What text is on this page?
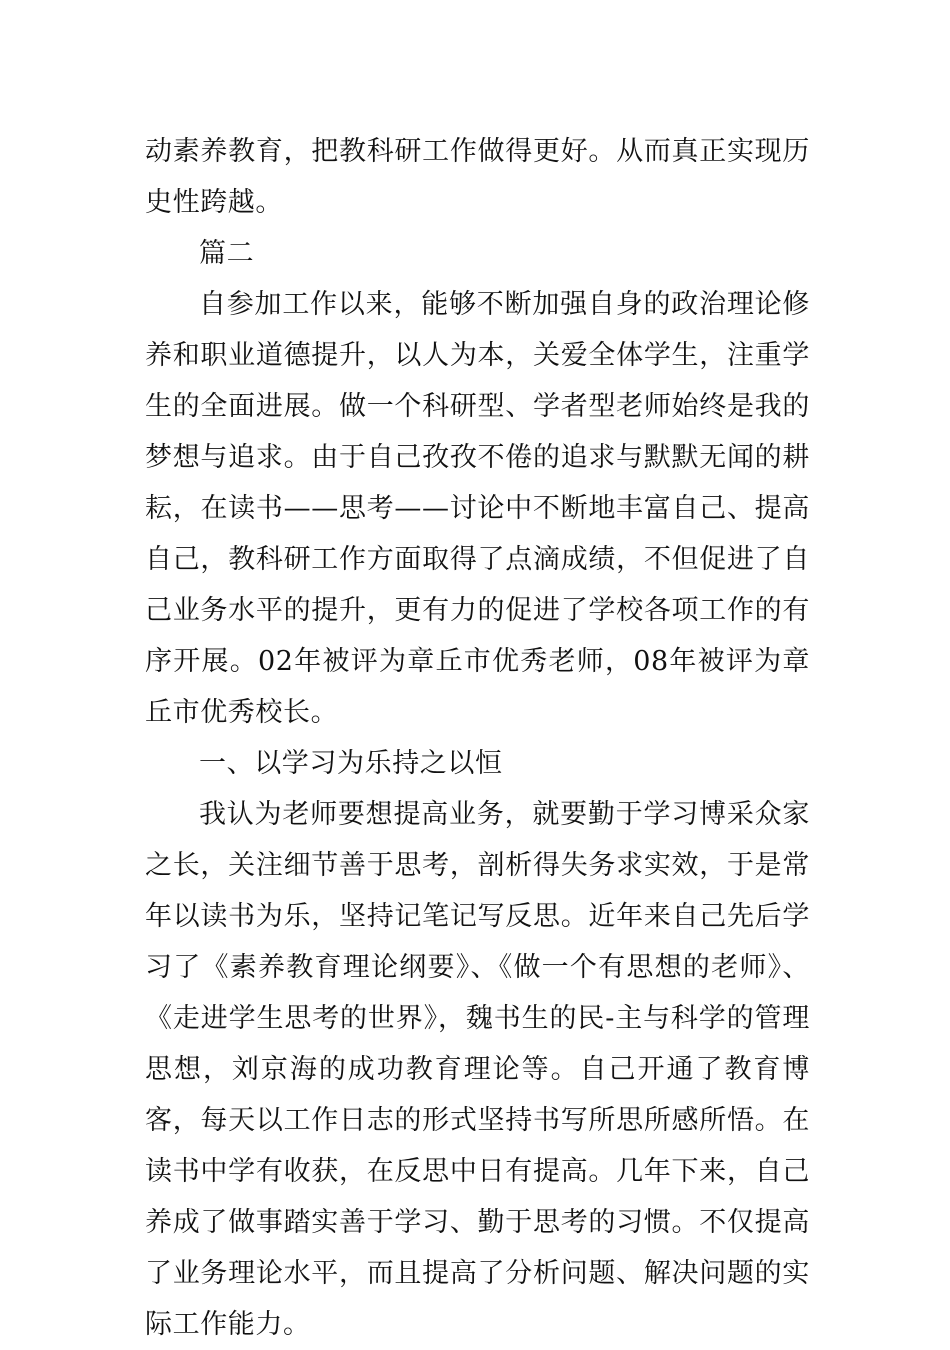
动素养教育，把教科研工作做得更好。从而真正实现历史性跨越。

篇二

自参加工作以来，能够不断加强自身的政治理论修养和职业道德提升，以人为本，关爱全体学生，注重学生的全面进展。做一个科研型、学者型老师始终是我的梦想与追求。由于自己孜孜不倦的追求与默默无闻的耕耘，在读书——思考——讨论中不断地丰富自己、提高自己，教科研工作方面取得了点滴成绩，不但促进了自己业务水平的提升，更有力的促进了学校各项工作的有序开展。02年被评为章丘市优秀老师，08年被评为章丘市优秀校长。

一、以学习为乐持之以恒

我认为老师要想提高业务，就要勤于学习博采众家之长，关注细节善于思考，剖析得失务求实效，于是常年以读书为乐，坚持记笔记写反思。近年来自己先后学习了《素养教育理论纲要》、《做一个有思想的老师》、《走进学生思考的世界》，魏书生的民-主与科学的管理思想，刘京海的成功教育理论等。自己开通了教育博客，每天以工作日志的形式坚持书写所思所感所悟。在读书中学有收获，在反思中日有提高。几年下来，自己养成了做事踏实善于学习、勤于思考的习惯。不仅提高了业务理论水平，而且提高了分析问题、解决问题的实际工作能力。
